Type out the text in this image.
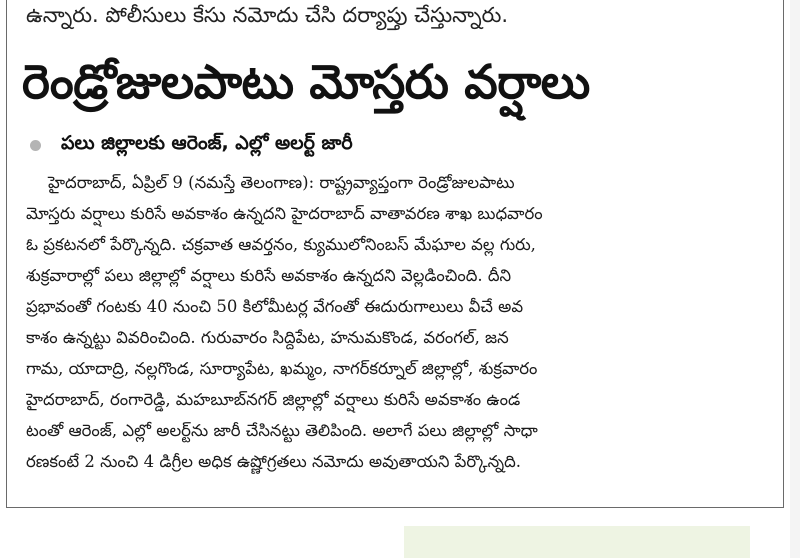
ఉన్నారు. పోలీసులు కేసు నమోదు చేసి దర్యాప్తు చేస్తున్నారు.
రెండ్రోజులపాటు మోస్తరు వర్షాలు
పలు జిల్లాలకు ఆరెంజ్, ఎల్లో అలర్ట్ జారీ

హైదరాబాద్, ఏప్రిల్ 9 (నమస్తే తెలంగాణ): రాష్ట్రవ్యాప్తంగా రెండ్రోజులపాటు
మోస్తరు వర్షాలు కురిసే అవకాశం ఉన్నదని హైదరాబాద్ వాతావరణ శాఖ బుధవారం
ఓ ప్రకటనలో పేర్కొన్నది. చక్రవాత ఆవర్తనం, క్యుములోనింబస్ మేఘాల వల్ల గురు,
శుక్రవారాల్లో పలు జిల్లాల్లో వర్షాలు కురిసే అవకాశం ఉన్నదని వెల్లడించింది. దీని
ప్రభావంతో గంటకు 40 నుంచి 50 కిలోమీటర్ల వేగంతో ఈదురుగాలులు వీచే అవ
కాశం ఉన్నట్టు వివరించింది. గురువారం సిద్దిపేట, హనుమకొండ, వరంగల్, జన
గామ, యాదాద్రి, నల్లగొండ, సూర్యాపేట, ఖమ్మం, నాగర్‌కర్నూల్ జిల్లాల్లో, శుక్రవారం
హైదరాబాద్, రంగారెడ్డి, మహబూబ్‌నగర్ జిల్లాల్లో వర్షాలు కురిసే అవకాశం ఉండ
టంతో ఆరెంజ్, ఎల్లో అలర్ట్‌ను జారీ చేసినట్టు తెలిపింది. అలాగే పలు జిల్లాల్లో సాధా
రణకంటే 2 నుంచి 4 డిగ్రీల అధిక ఉష్ణోగ్రతలు నమోదు అవుతాయని పేర్కొన్నది.
